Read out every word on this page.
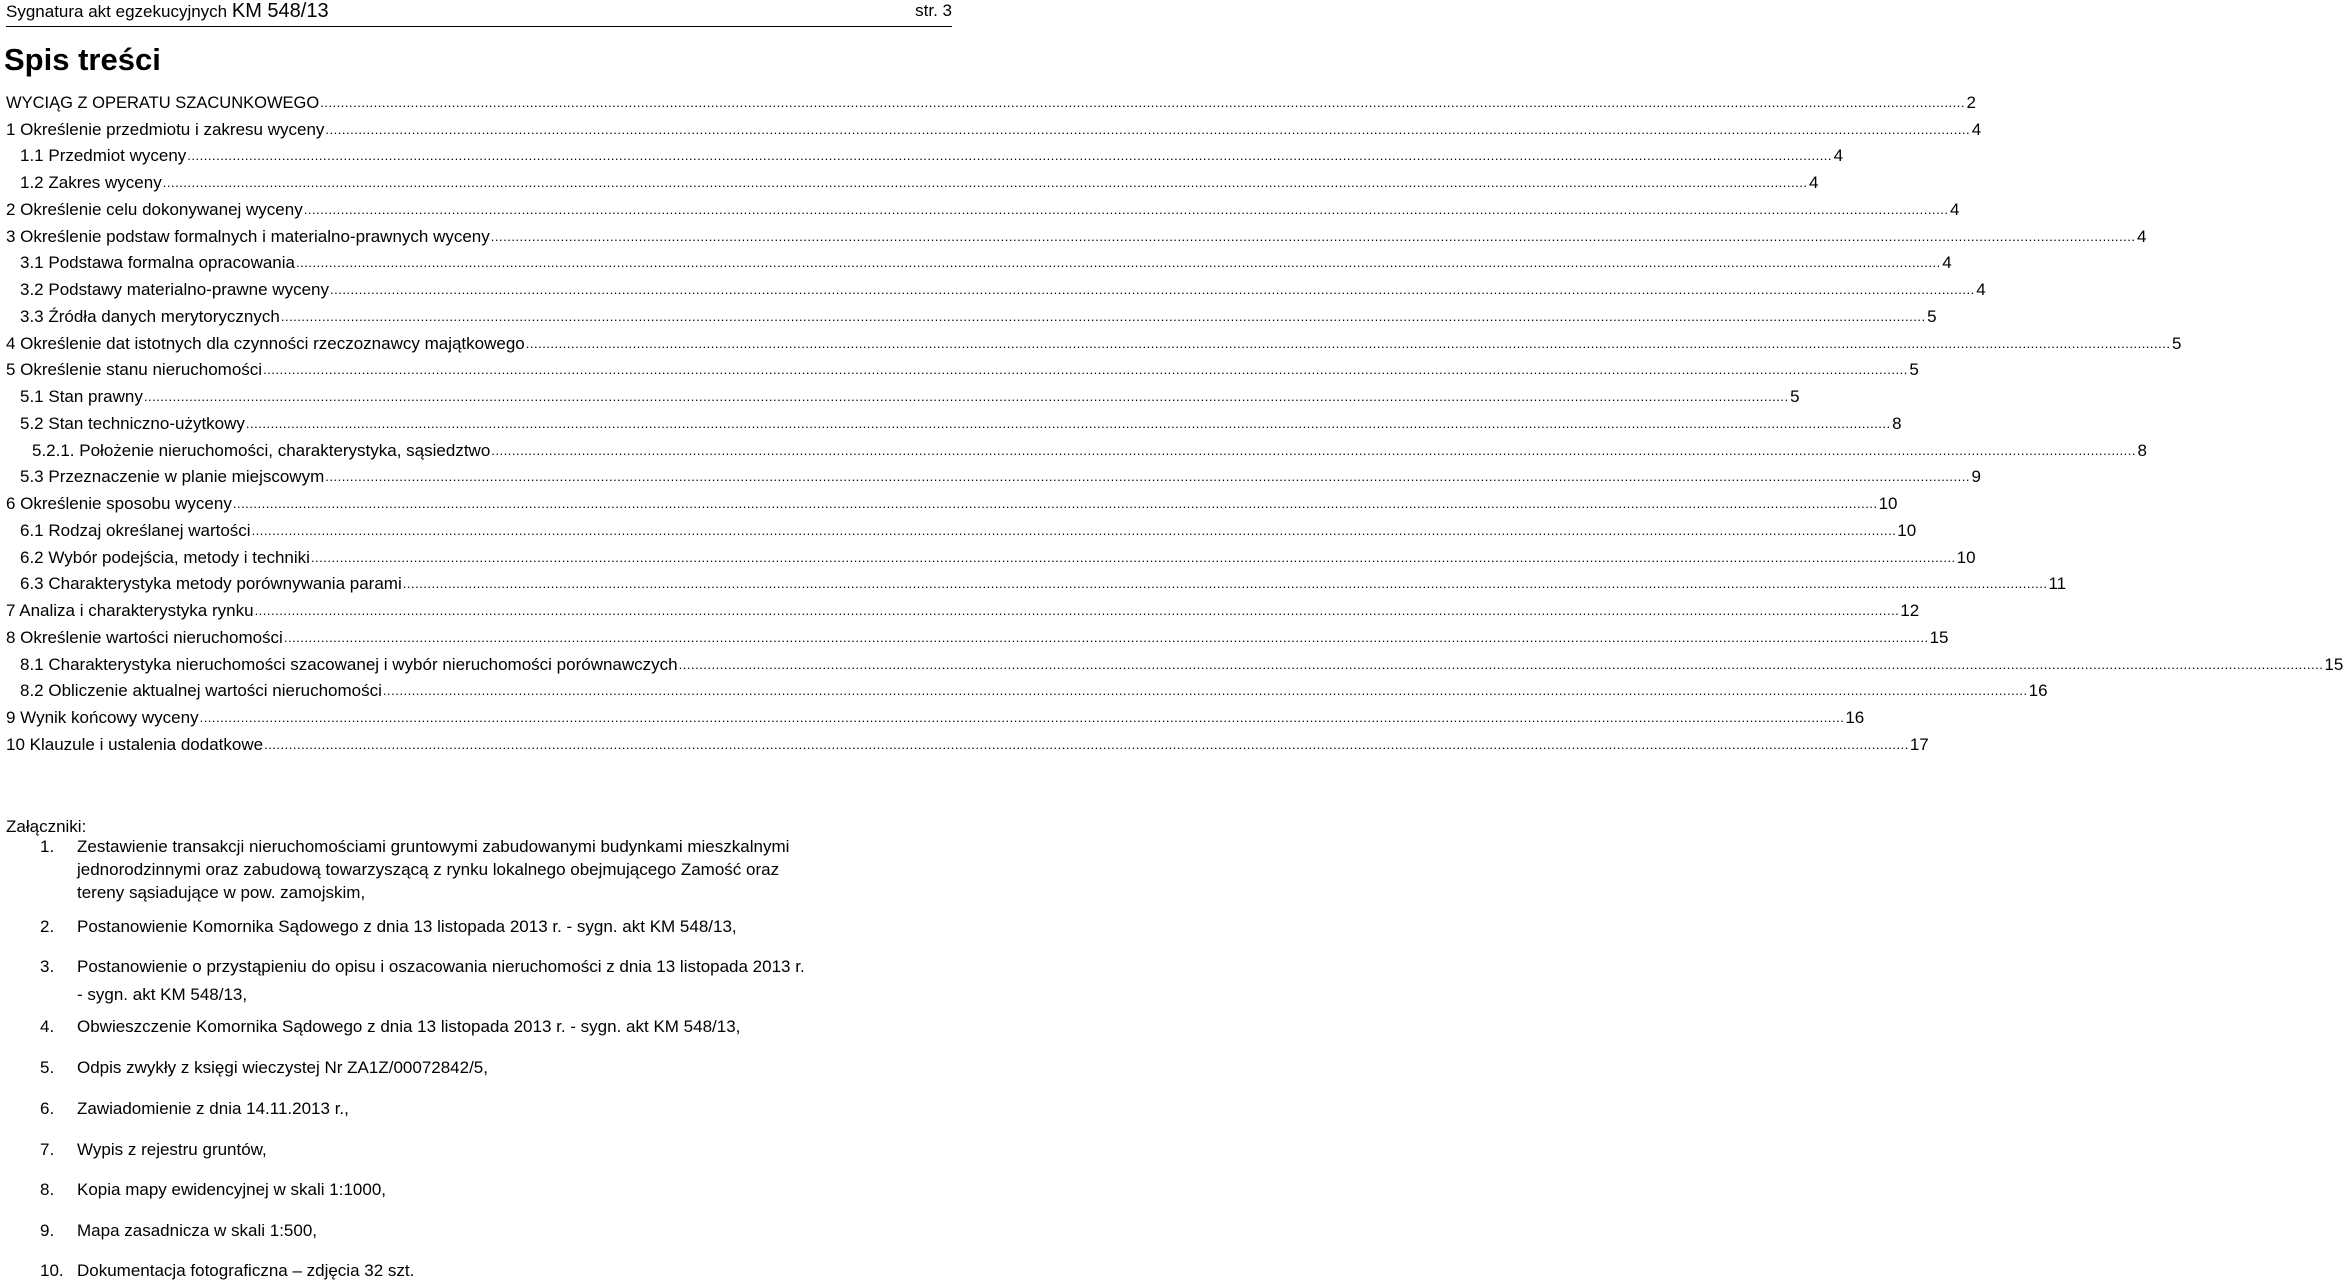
Sygnatura akt egzekucyjnych KM 548/13	str. 3
Spis treści
WYCIĄG Z OPERATU SZACUNKOWEGO ................................................................................................................................................................................................................................................................................................................................................................................................................ 2
1 Określenie przedmiotu i zakresu wyceny ................................................................................................................................................................................................................................................................................................................................................................................................................ 4
1.1 Przedmiot wyceny ................................................................................................................................................................................................................................................................................................................................................................................................................ 4
1.2 Zakres wyceny ................................................................................................................................................................................................................................................................................................................................................................................................................ 4
2 Określenie celu dokonywanej wyceny ................................................................................................................................................................................................................................................................................................................................................................................................................ 4
3 Określenie podstaw formalnych i materialno-prawnych wyceny ................................................................................................................................................................................................................................................................................................................................................................................................................ 4
3.1 Podstawa formalna opracowania ................................................................................................................................................................................................................................................................................................................................................................................................................ 4
3.2 Podstawy materialno-prawne wyceny ................................................................................................................................................................................................................................................................................................................................................................................................................ 4
3.3 Źródła danych merytorycznych ................................................................................................................................................................................................................................................................................................................................................................................................................ 5
4 Określenie dat istotnych dla czynności rzeczoznawcy majątkowego ................................................................................................................................................................................................................................................................................................................................................................................................................ 5
5 Określenie stanu nieruchomości ................................................................................................................................................................................................................................................................................................................................................................................................................ 5
5.1 Stan prawny ................................................................................................................................................................................................................................................................................................................................................................................................................ 5
5.2 Stan techniczno-użytkowy ................................................................................................................................................................................................................................................................................................................................................................................................................ 8
5.2.1. Położenie nieruchomości, charakterystyka, sąsiedztwo ................................................................................................................................................................................................................................................................................................................................................................................................................ 8
5.3 Przeznaczenie w planie miejscowym ................................................................................................................................................................................................................................................................................................................................................................................................................ 9
6 Określenie sposobu wyceny ................................................................................................................................................................................................................................................................................................................................................................................................................ 10
6.1 Rodzaj określanej wartości ................................................................................................................................................................................................................................................................................................................................................................................................................ 10
6.2 Wybór podejścia, metody i techniki ................................................................................................................................................................................................................................................................................................................................................................................................................ 10
6.3 Charakterystyka metody porównywania parami ................................................................................................................................................................................................................................................................................................................................................................................................................ 11
7 Analiza i charakterystyka rynku ................................................................................................................................................................................................................................................................................................................................................................................................................ 12
8 Określenie wartości nieruchomości ................................................................................................................................................................................................................................................................................................................................................................................................................ 15
8.1 Charakterystyka nieruchomości szacowanej i wybór nieruchomości porównawczych ................................................................................................................................................................................................................................................................................................................................................................................................................ 15
8.2 Obliczenie aktualnej wartości nieruchomości ................................................................................................................................................................................................................................................................................................................................................................................................................ 16
9 Wynik końcowy wyceny ................................................................................................................................................................................................................................................................................................................................................................................................................ 16
10 Klauzule i ustalenia dodatkowe ................................................................................................................................................................................................................................................................................................................................................................................................................ 17
Załączniki:
1.	Zestawienie transakcji nieruchomościami gruntowymi zabudowanymi budynkami mieszkalnymi
jednorodzinnymi oraz zabudową towarzyszącą z rynku lokalnego obejmującego Zamość oraz
tereny sąsiadujące w pow. zamojskim,
2.	Postanowienie Komornika Sądowego z dnia 13 listopada 2013 r. - sygn. akt KM 548/13,
3.	Postanowienie o przystąpieniu do opisu i oszacowania nieruchomości z dnia 13 listopada 2013 r.
- sygn. akt KM 548/13,
4.	Obwieszczenie Komornika Sądowego z dnia 13 listopada 2013 r. - sygn. akt KM 548/13,
5.	Odpis zwykły z księgi wieczystej Nr ZA1Z/00072842/5,
6.	Zawiadomienie z dnia 14.11.2013 r.,
7.	Wypis z rejestru gruntów,
8.	Kopia mapy ewidencyjnej w skali 1:1000,
9.	Mapa zasadnicza w skali 1:500,
10. Dokumentacja fotograficzna – zdjęcia 32 szt.
